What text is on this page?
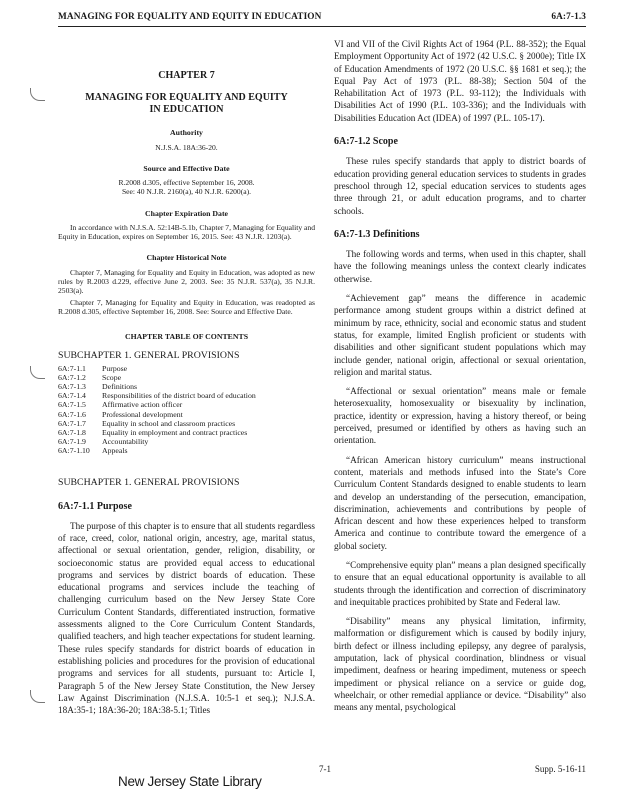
MANAGING FOR EQUALITY AND EQUITY IN EDUCATION	6A:7-1.3
CHAPTER 7
MANAGING FOR EQUALITY AND EQUITY IN EDUCATION
Authority
N.J.S.A. 18A:36-20.
Source and Effective Date
R.2008 d.305, effective September 16, 2008.
See: 40 N.J.R. 2160(a), 40 N.J.R. 6200(a).
Chapter Expiration Date
In accordance with N.J.S.A. 52:14B-5.1b, Chapter 7, Managing for Equality and Equity in Education, expires on September 16, 2015. See: 43 N.J.R. 1203(a).
Chapter Historical Note
Chapter 7, Managing for Equality and Equity in Education, was adopted as new rules by R.2003 d.229, effective June 2, 2003. See: 35 N.J.R. 537(a), 35 N.J.R. 2503(a).
Chapter 7, Managing for Equality and Equity in Education, was readopted as R.2008 d.305, effective September 16, 2008. See: Source and Effective Date.
CHAPTER TABLE OF CONTENTS
SUBCHAPTER 1. GENERAL PROVISIONS
6A:7-1.1	Purpose
6A:7-1.2	Scope
6A:7-1.3	Definitions
6A:7-1.4	Responsibilities of the district board of education
6A:7-1.5	Affirmative action officer
6A:7-1.6	Professional development
6A:7-1.7	Equality in school and classroom practices
6A:7-1.8	Equality in employment and contract practices
6A:7-1.9	Accountability
6A:7-1.10	Appeals
SUBCHAPTER 1. GENERAL PROVISIONS
6A:7-1.1 Purpose
The purpose of this chapter is to ensure that all students regardless of race, creed, color, national origin, ancestry, age, marital status, affectional or sexual orientation, gender, religion, disability, or socioeconomic status are provided equal access to educational programs and services by district boards of education. These educational programs and services include the teaching of challenging curriculum based on the New Jersey State Core Curriculum Content Standards, differentiated instruction, formative assessments aligned to the Core Curriculum Content Standards, qualified teachers, and high teacher expectations for student learning. These rules specify standards for district boards of education in establishing policies and procedures for the provision of educational programs and services for all students, pursuant to: Article I, Paragraph 5 of the New Jersey State Constitution, the New Jersey Law Against Discrimination (N.J.S.A. 10:5-1 et seq.); N.J.S.A. 18A:35-1; 18A:36-20; 18A:38-5.1; Titles
VI and VII of the Civil Rights Act of 1964 (P.L. 88-352); the Equal Employment Opportunity Act of 1972 (42 U.S.C. § 2000e); Title IX of Education Amendments of 1972 (20 U.S.C. §§ 1681 et seq.); the Equal Pay Act of 1973 (P.L. 88-38); Section 504 of the Rehabilitation Act of 1973 (P.L. 93-112); the Individuals with Disabilities Act of 1990 (P.L. 103-336); and the Individuals with Disabilities Education Act (IDEA) of 1997 (P.L. 105-17).
6A:7-1.2 Scope
These rules specify standards that apply to district boards of education providing general education services to students in grades preschool through 12, special education services to students ages three through 21, or adult education programs, and to charter schools.
6A:7-1.3 Definitions
The following words and terms, when used in this chapter, shall have the following meanings unless the context clearly indicates otherwise.
“Achievement gap” means the difference in academic performance among student groups within a district defined at minimum by race, ethnicity, social and economic status and student status, for example, limited English proficient or students with disabilities and other significant student populations which may include gender, national origin, affectional or sexual orientation, religion and marital status.
“Affectional or sexual orientation” means male or female heterosexuality, homosexuality or bisexuality by inclination, practice, identity or expression, having a history thereof, or being perceived, presumed or identified by others as having such an orientation.
“African American history curriculum” means instructional content, materials and methods infused into the State’s Core Curriculum Content Standards designed to enable students to learn and develop an understanding of the persecution, emancipation, discrimination, achievements and contributions by people of African descent and how these experiences helped to transform America and continue to contribute toward the emergence of a global society.
“Comprehensive equity plan” means a plan designed specifically to ensure that an equal educational opportunity is available to all students through the identification and correction of discriminatory and inequitable practices prohibited by State and Federal law.
“Disability” means any physical limitation, infirmity, malformation or disfigurement which is caused by bodily injury, birth defect or illness including epilepsy, any degree of paralysis, amputation, lack of physical coordination, blindness or visual impediment, deafness or hearing impediment, muteness or speech impediment or physical reliance on a service or guide dog, wheelchair, or other remedial appliance or device. “Disability” also means any mental, psychological
7-1	Supp. 5-16-11
New Jersey State Library
